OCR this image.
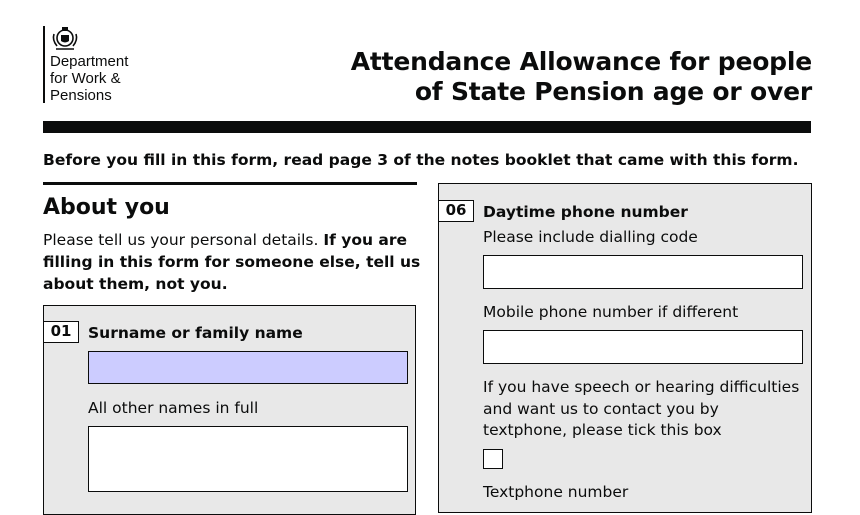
Department
for Work &
Pensions
Attendance Allowance for people
of State Pension age or over
Before you fill in this form, read page 3 of the notes booklet that came with this form.
About you
Please tell us your personal details. If you are filling in this form for someone else, tell us about them, not you.
01	Surname or family name
All other names in full
06	Daytime phone number
Please include dialling code
Mobile phone number if different
If you have speech or hearing difficulties
and want us to contact you by
textphone, please tick this box
Textphone number
